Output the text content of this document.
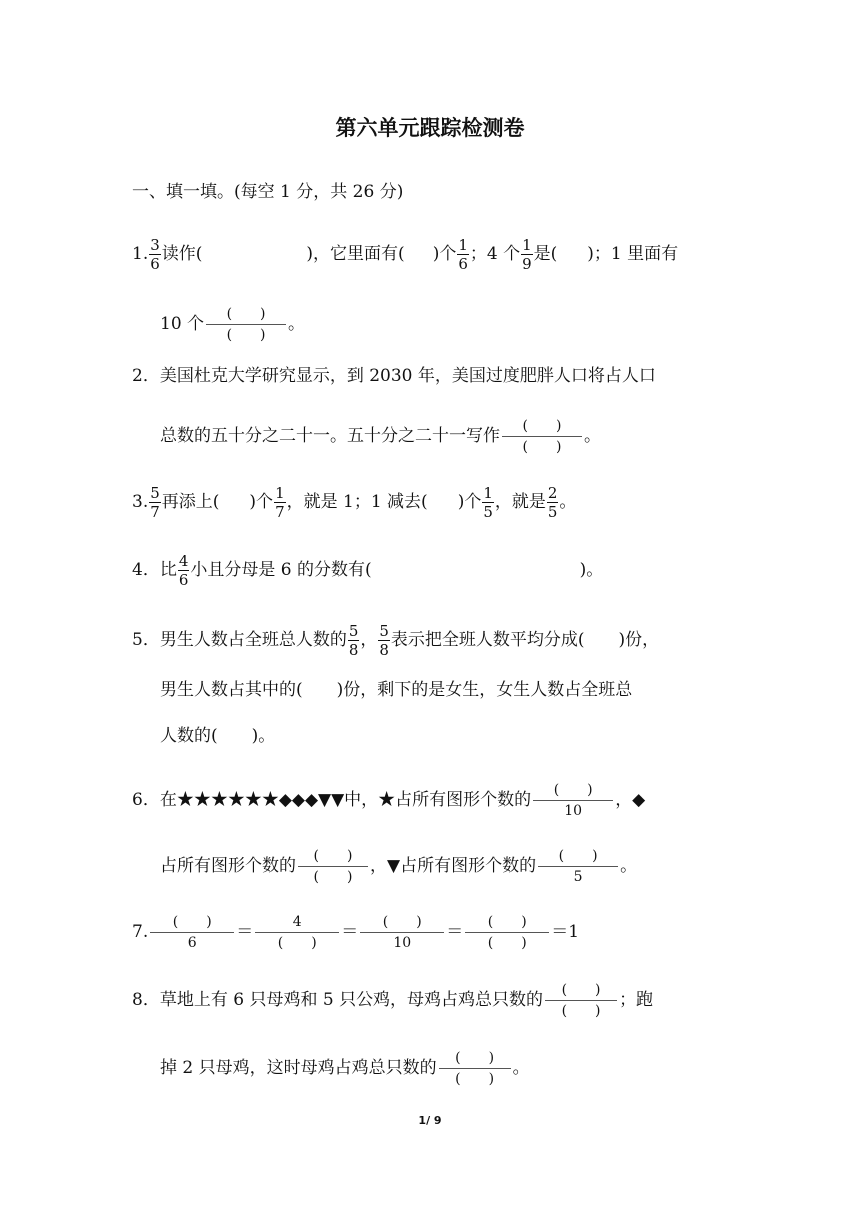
第六单元跟踪检测卷
一、填一填。(每空 1 分，共 26 分)
1. $\frac{3}{6}$ 读作(	)，它里面有( )个 $\frac{1}{6}$ ；4 个 $\frac{1}{9}$ 是( )；1 里面有
10 个	(　　)
(　　)
。
2．美国杜克大学研究显示，到 2030 年，美国过度肥胖人口将占人口
总数的五十分之二十一。五十分之二十一写作	(　　)
(　　)
。
3. $\frac{5}{7}$ 再添上( )个 $\frac{1}{7}$ ，就是 1；1 减去( )个 $\frac{1}{5}$ ，就是 $\frac{2}{5}$ 。
4．比 $\frac{4}{6}$ 小且分母是 6 的分数有(	)。
5．男生人数占全班总人数的 $\frac{5}{8}$ ， $\frac{5}{8}$ 表示把全班人数平均分成(　　)份，
男生人数占其中的(　　)份，剩下的是女生，女生人数占全班总
人数的(　　)。
6．在★★★★★★◆◆◆▼▼中，★占所有图形个数的	(　　)
10
，◆
占所有图形个数的	(　　)
(　　)
，▼占所有图形个数的	(　　)
5
。
7.	(　　)
6
＝	4
(　　)
＝	(　　)
10
＝	(　　)
(　　)
＝1
8．草地上有 6 只母鸡和 5 只公鸡，母鸡占鸡总只数的	(　　)
(　　)
；跑
掉 2 只母鸡，这时母鸡占鸡总只数的	(　　)
(　　)
。
1/ 9
